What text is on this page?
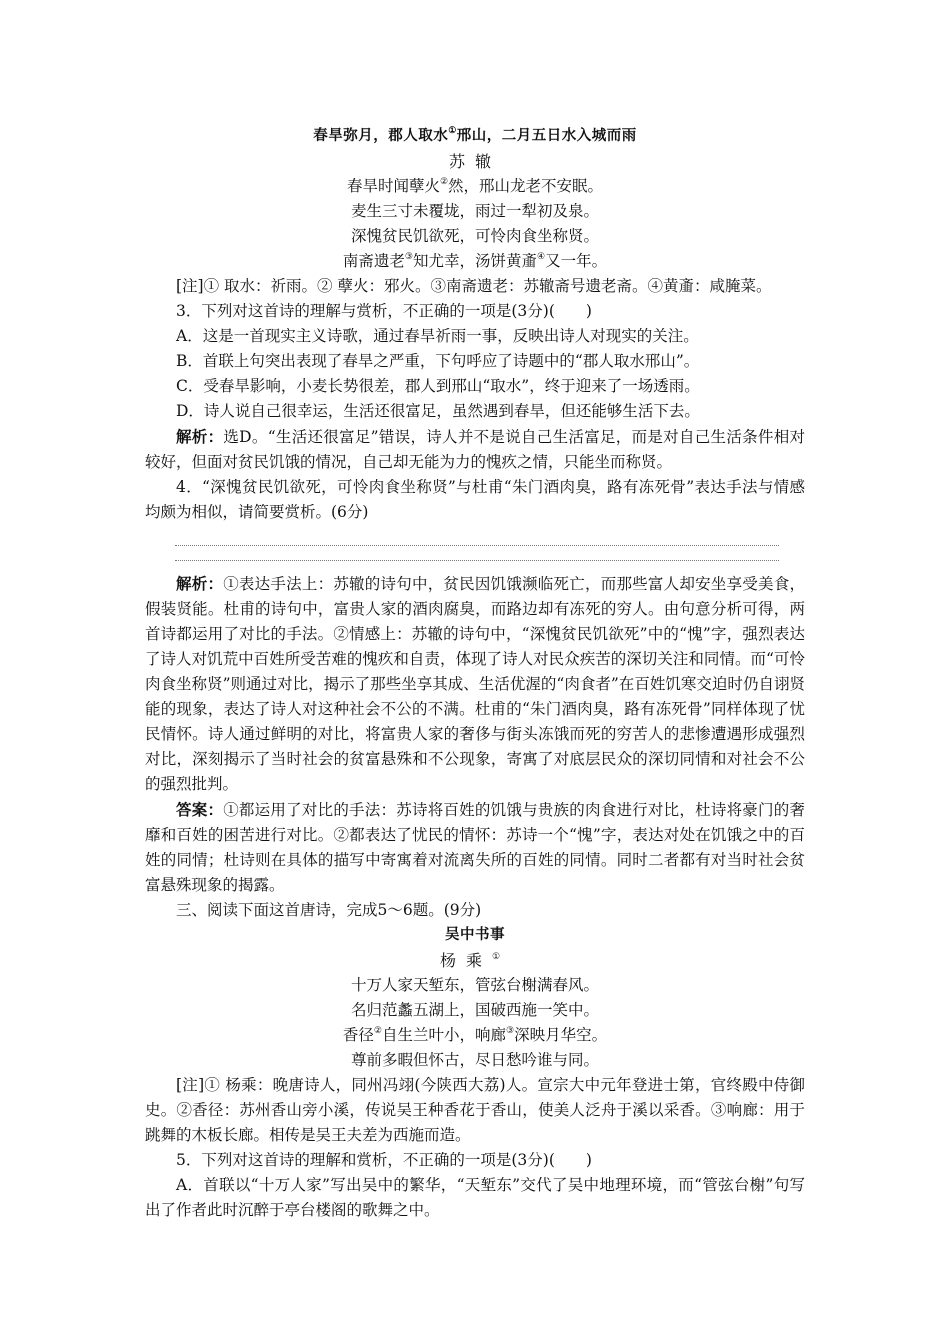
春旱弥月，郡人取水①邢山，二月五日水入城而雨
苏辙
春旱时闻孽火②然，邢山龙老不安眠。
麦生三寸未覆垅，雨过一犁初及泉。
深愧贫民饥欲死，可怜肉食坐称贤。
南斋遗老③知尤幸，汤饼黄齑④又一年。

[注]① 取水：祈雨。② 孽火：邪火。③南斋遗老：苏辙斋号遗老斋。④黄齑：咸腌菜。

3．下列对这首诗的理解与赏析，不正确的一项是(3分)(　　)

A．这是一首现实主义诗歌，通过春旱祈雨一事，反映出诗人对现实的关注。

B．首联上句突出表现了春旱之严重，下句呼应了诗题中的“郡人取水邢山”。

C．受春旱影响，小麦长势很差，郡人到邢山“取水”，终于迎来了一场透雨。

D．诗人说自己很幸运，生活还很富足，虽然遇到春旱，但还能够生活下去。

解析：选D。“生活还很富足”错误，诗人并不是说自己生活富足，而是对自己生活条件相对较好，但面对贫民饥饿的情况，自己却无能为力的愧疚之情，只能坐而称贤。

4．“深愧贫民饥欲死，可怜肉食坐称贤”与杜甫“朱门酒肉臭，路有冻死骨”表达手法与情感均颇为相似，请简要赏析。(6分)

解析：①表达手法上：苏辙的诗句中，贫民因饥饿濒临死亡，而那些富人却安坐享受美食，假装贤能。杜甫的诗句中，富贵人家的酒肉腐臭，而路边却有冻死的穷人。由句意分析可得，两首诗都运用了对比的手法。②情感上：苏辙的诗句中，“深愧贫民饥欲死”中的“愧”字，强烈表达了诗人对饥荒中百姓所受苦难的愧疚和自责，体现了诗人对民众疾苦的深切关注和同情。而“可怜肉食坐称贤”则通过对比，揭示了那些坐享其成、生活优渥的“肉食者”在百姓饥寒交迫时仍自诩贤能的现象，表达了诗人对这种社会不公的不满。杜甫的“朱门酒肉臭，路有冻死骨”同样体现了忧民情怀。诗人通过鲜明的对比，将富贵人家的奢侈与街头冻饿而死的穷苦人的悲惨遭遇形成强烈对比，深刻揭示了当时社会的贫富悬殊和不公现象，寄寓了对底层民众的深切同情和对社会不公的强烈批判。

答案：①都运用了对比的手法：苏诗将百姓的饥饿与贵族的肉食进行对比，杜诗将豪门的奢靡和百姓的困苦进行对比。②都表达了忧民的情怀：苏诗一个“愧”字，表达对处在饥饿之中的百姓的同情；杜诗则在具体的描写中寄寓着对流离失所的百姓的同情。同时二者都有对当时社会贫富悬殊现象的揭露。

三、阅读下面这首唐诗，完成5～6题。(9分)

吴中书事
杨乘①
十万人家天堑东，管弦台榭满春风。
名归范蠡五湖上，国破西施一笑中。
香径②自生兰叶小，响廊③深映月华空。
尊前多暇但怀古，尽日愁吟谁与同。

[注]① 杨乘：晚唐诗人，同州冯翊(今陕西大荔)人。宣宗大中元年登进士第，官终殿中侍御史。②香径：苏州香山旁小溪，传说吴王种香花于香山，使美人泛舟于溪以采香。③响廊：用于跳舞的木板长廊。相传是吴王夫差为西施而造。

5．下列对这首诗的理解和赏析，不正确的一项是(3分)(　　)

A．首联以“十万人家”写出吴中的繁华，“天堑东”交代了吴中地理环境，而“管弦台榭”句写出了作者此时沉醉于亭台楼阁的歌舞之中。
